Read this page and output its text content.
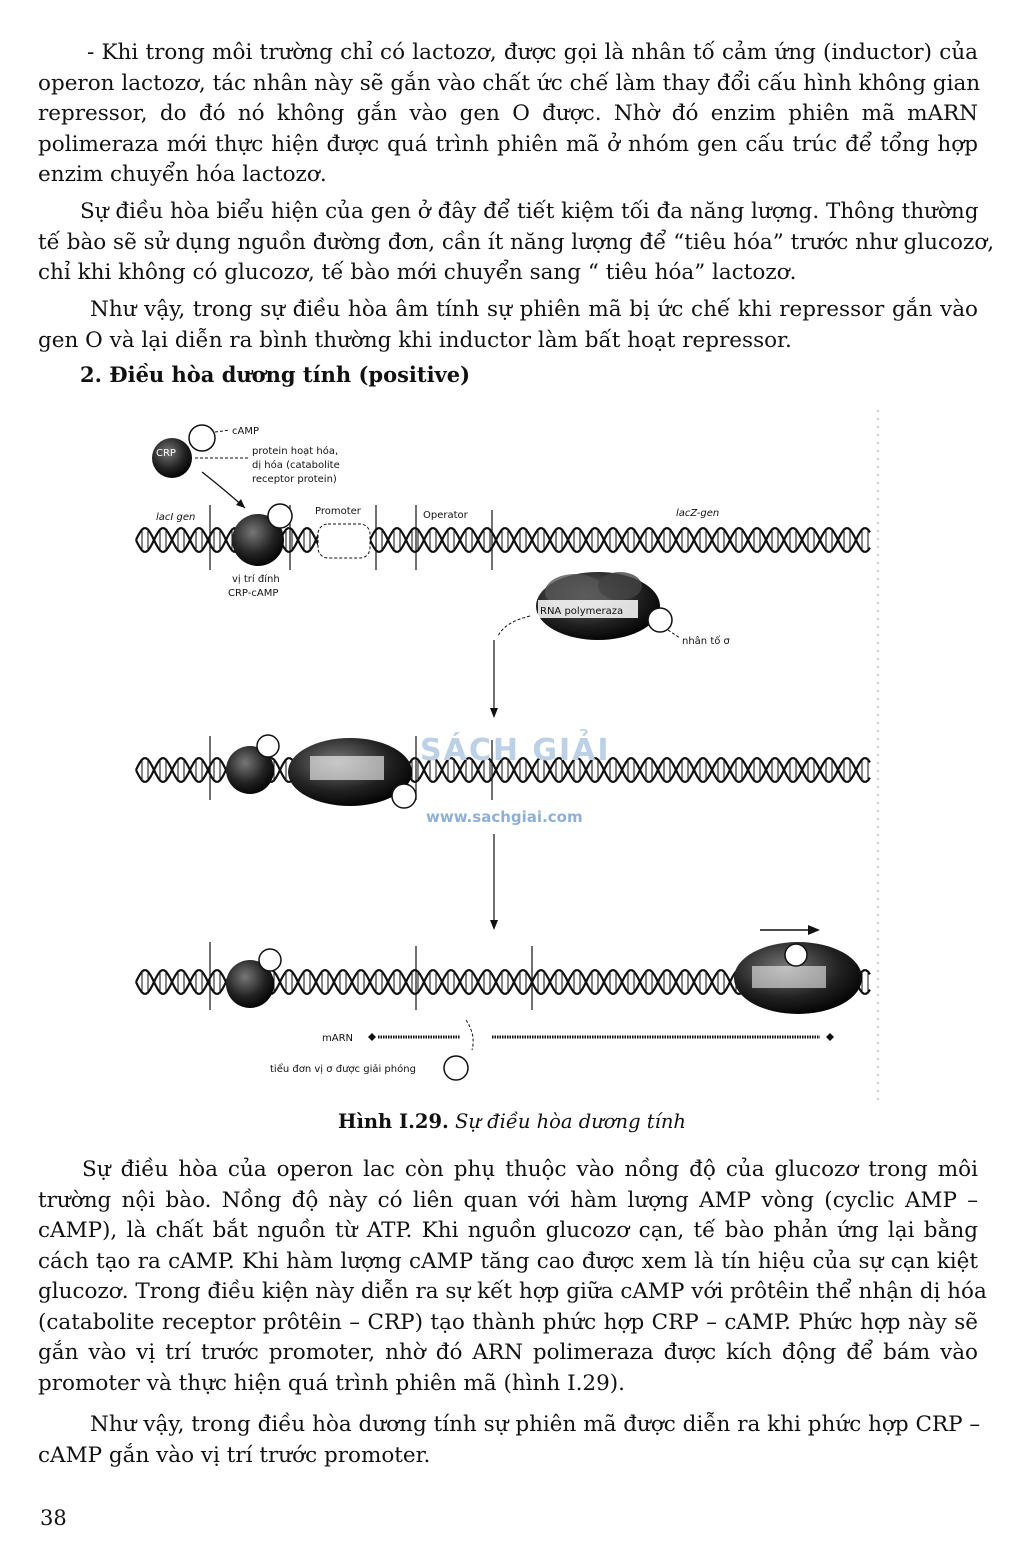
- Khi trong môi trường chỉ có lactozơ, được gọi là nhân tố cảm ứng (inductor) của
operon lactozơ, tác nhân này sẽ gắn vào chất ức chế làm thay đổi cấu hình không gian
repressor, do đó nó không gắn vào gen O được. Nhờ đó enzim phiên mã mARN
polimeraza mới thực hiện được quá trình phiên mã ở nhóm gen cấu trúc để tổng hợp
enzim chuyển hóa lactozơ.
Sự điều hòa biểu hiện của gen ở đây để tiết kiệm tối đa năng lượng. Thông thường
tế bào sẽ sử dụng nguồn đường đơn, cần ít năng lượng để “tiêu hóa” trước như glucozơ,
chỉ khi không có glucozơ, tế bào mới chuyển sang “ tiêu hóa” lactozơ.
Như vậy, trong sự điều hòa âm tính sự phiên mã bị ức chế khi repressor gắn vào
gen O và lại diễn ra bình thường khi inductor làm bất hoạt repressor.
2. Điều hòa dương tính (positive)
CRP
cAMP
protein hoạt hóa,
dị hóa (catabolite
receptor protein)
lacI gen
Promoter	Operator	lacZ-gen
vị trí đính
CRP-cAMP
RNA polymeraza
nhân tố σ
SÁCH GIẢI
www.sachgiai.com
mARN
tiểu đơn vị σ được giải phóng
Hình I.29. Sự điều hòa dương tính
Sự điều hòa của operon lac còn phụ thuộc vào nồng độ của glucozơ trong môi
trường nội bào. Nồng độ này có liên quan với hàm lượng AMP vòng (cyclic AMP –
cAMP), là chất bắt nguồn từ ATP. Khi nguồn glucozơ cạn, tế bào phản ứng lại bằng
cách tạo ra cAMP. Khi hàm lượng cAMP tăng cao được xem là tín hiệu của sự cạn kiệt
glucozơ. Trong điều kiện này diễn ra sự kết hợp giữa cAMP với prôtêin thể nhận dị hóa
(catabolite receptor prôtêin – CRP) tạo thành phức hợp CRP – cAMP. Phức hợp này sẽ
gắn vào vị trí trước promoter, nhờ đó ARN polimeraza được kích động để bám vào
promoter và thực hiện quá trình phiên mã (hình I.29).
Như vậy, trong điều hòa dương tính sự phiên mã được diễn ra khi phức hợp CRP –
cAMP gắn vào vị trí trước promoter.
38
